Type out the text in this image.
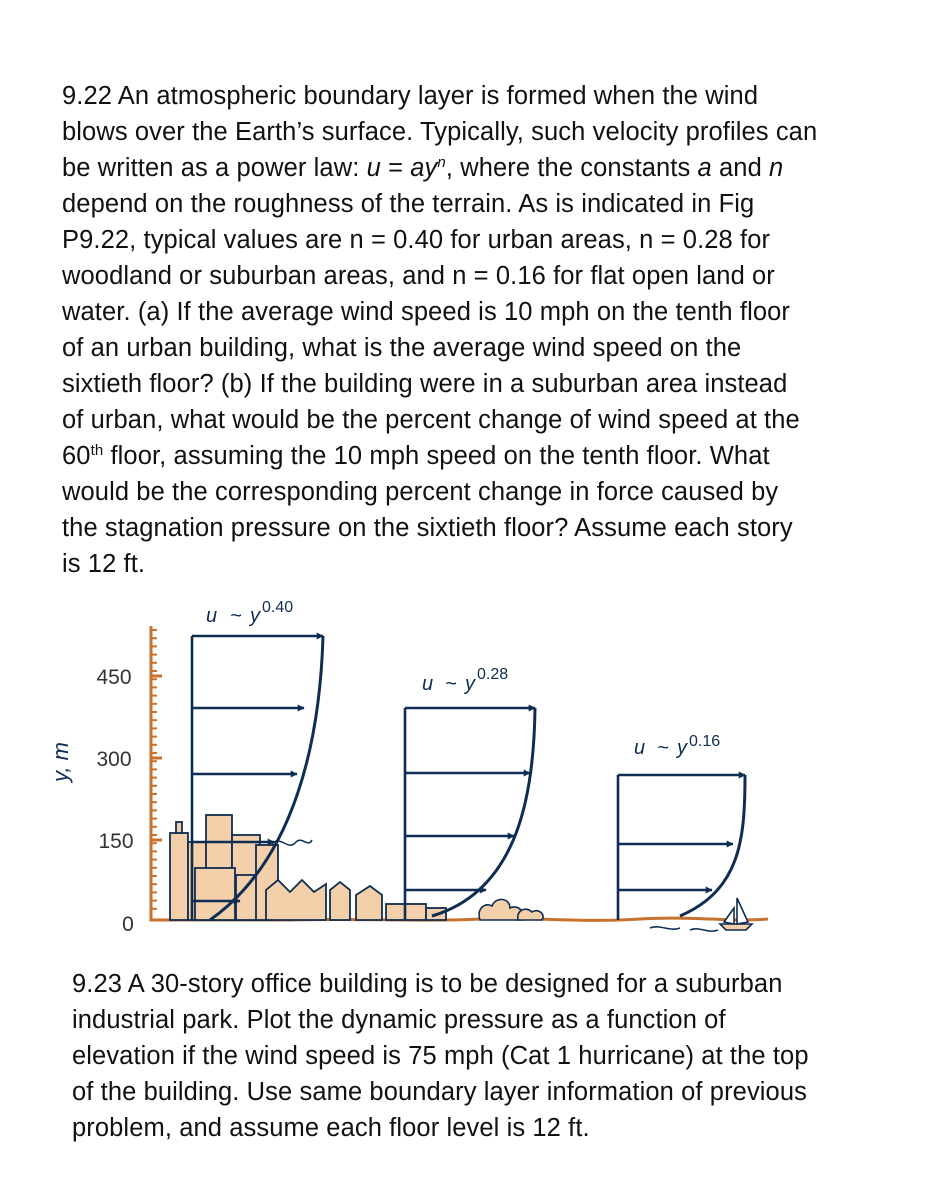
9.22 An atmospheric boundary layer is formed when the wind
blows over the Earth’s surface. Typically, such velocity profiles can
be written as a power law: $u = ay^n$, where the constants a and n
depend on the roughness of the terrain. As is indicated in Fig
P9.22, typical values are n = 0.40 for urban areas, n = 0.28 for
woodland or suburban areas, and n = 0.16 for flat open land or
water. (a) If the average wind speed is 10 mph on the tenth floor
of an urban building, what is the average wind speed on the
sixtieth floor? (b) If the building were in a suburban area instead
of urban, what would be the percent change of wind speed at the
60th floor, assuming the 10 mph speed on the tenth floor. What
would be the corresponding percent change in force caused by
the stagnation pressure on the sixtieth floor? Assume each story
is 12 ft.
y, m
450
300
150
0
u ~ y 0.40
u ~ y 0.28
u ~ y 0.16
9.23 A 30-story office building is to be designed for a suburban
industrial park. Plot the dynamic pressure as a function of
elevation if the wind speed is 75 mph (Cat 1 hurricane) at the top
of the building. Use same boundary layer information of previous
problem, and assume each floor level is 12 ft.
